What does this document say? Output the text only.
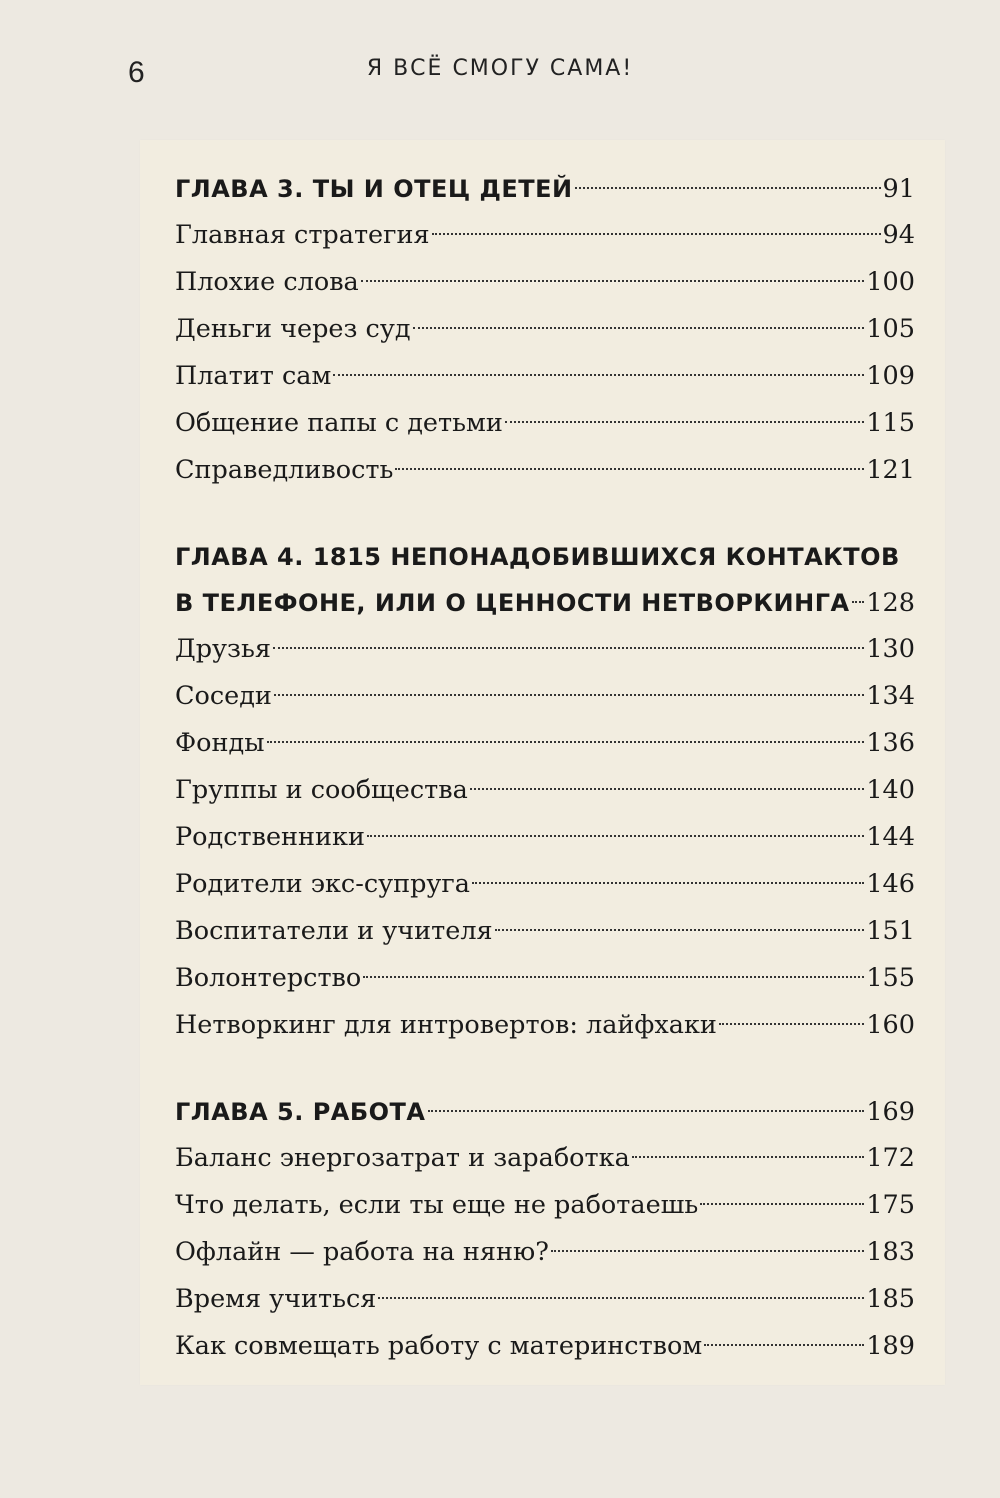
6	Я ВСЁ СМОГУ САМА!
ГЛАВА 3. ТЫ И ОТЕЦ ДЕТЕЙ	91
Главная стратегия	94
Плохие слова	100
Деньги через суд	105
Платит сам	109
Общение папы с детьми	115
Справедливость	121
ГЛАВА 4. 1815 НЕПОНАДОБИВШИХСЯ КОНТАКТОВ
В ТЕЛЕФОНЕ, ИЛИ О ЦЕННОСТИ НЕТВОРКИНГА 128
Друзья	130
Соседи	134
Фонды	136
Группы и сообщества	140
Родственники	144
Родители экс-супруга	146
Воспитатели и учителя	151
Волонтерство	155
Нетворкинг для интровертов: лайфхаки	160
ГЛАВА 5. РАБОТА	169
Баланс энергозатрат и заработка	172
Что делать, если ты еще не работаешь	175
Офлайн — работа на няню?	183
Время учиться	185
Как совмещать работу с материнством	189
